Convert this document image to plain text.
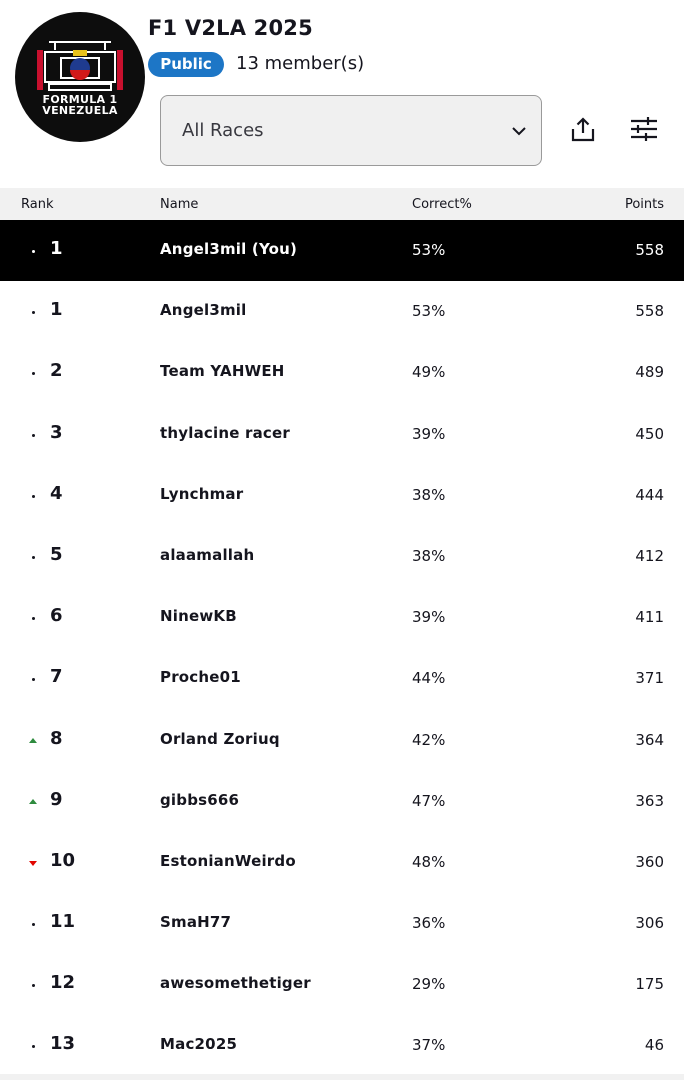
FORMULA 1
VENEZUELA
F1 V2LA 2025
Public	13 member(s)
All Races
Rank	Name	Correct%	Points
1	Angel3mil (You)	53%	558
1	Angel3mil	53%	558
2	Team YAHWEH	49%	489
3	thylacine racer	39%	450
4	Lynchmar	38%	444
5	alaamallah	38%	412
6	NinewKB	39%	411
7	Proche01	44%	371
8	Orland Zoriuq	42%	364
9	gibbs666	47%	363
10	EstonianWeirdo	48%	360
11	SmaH77	36%	306
12	awesomethetiger	29%	175
13	Mac2025	37%	46
